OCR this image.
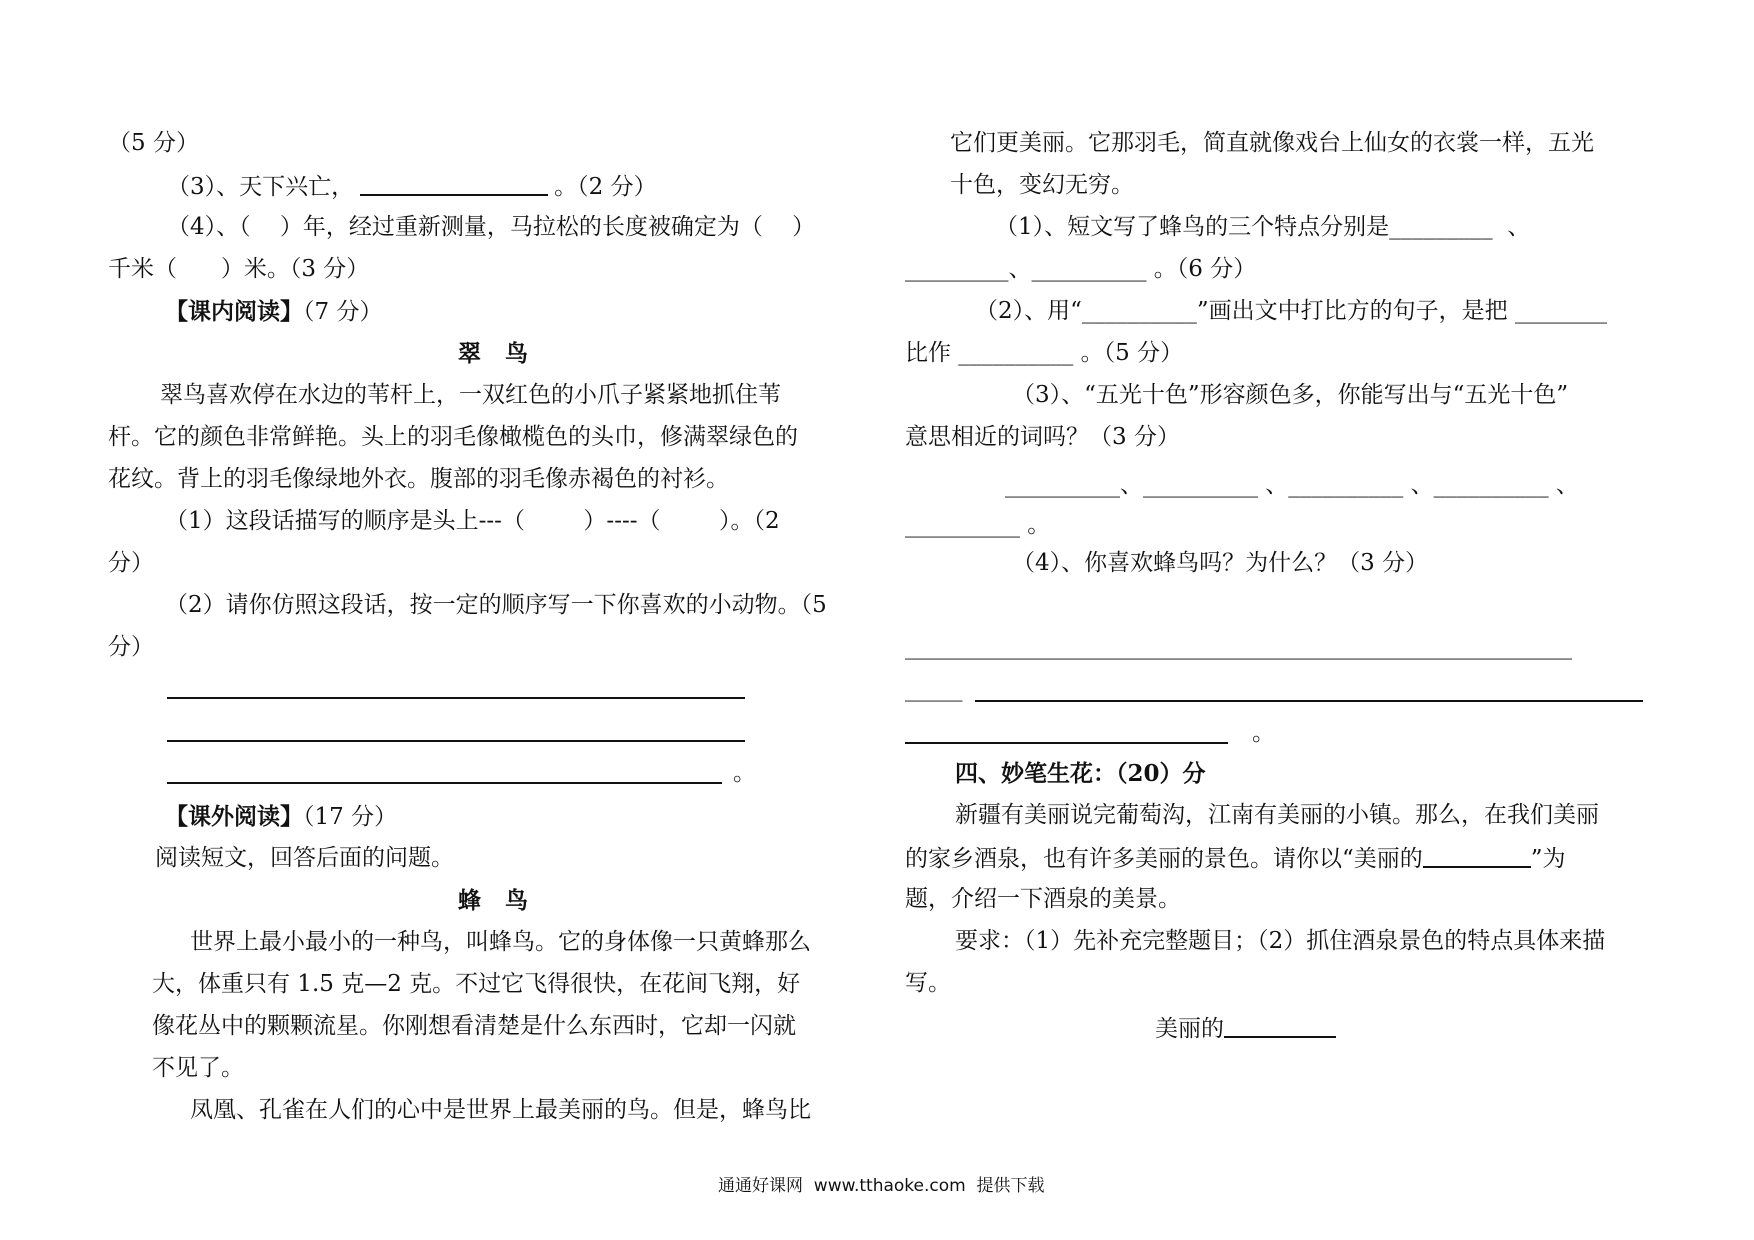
（5 分）
（3）、天下兴亡，	。（2 分）
（4）、（    ）年，经过重新测量，马拉松的长度被确定为（    ）
千米（      ）米。（3 分）
【课内阅读】（7 分）
翠   鸟
翠鸟喜欢停在水边的苇杆上，一双红色的小爪子紧紧地抓住苇
杆。它的颜色非常鲜艳。头上的羽毛像橄榄色的头巾，修满翠绿色的
花纹。背上的羽毛像绿地外衣。腹部的羽毛像赤褐色的衬衫。
（1）这段话描写的顺序是头上---（        ）----（        ）。（2
分）
（2）请你仿照这段话，按一定的顺序写一下你喜欢的小动物。（5
分）
。
【课外阅读】（17 分）
阅读短文，回答后面的问题。
蜂   鸟
世界上最小最小的一种鸟，叫蜂鸟。它的身体像一只黄蜂那么
大，体重只有 1.5 克—2 克。不过它飞得很快，在花间飞翔，好
像花丛中的颗颗流星。你刚想看清楚是什么东西时，它却一闪就
不见了。
凤凰、孔雀在人们的心中是世界上最美丽的鸟。但是，蜂鸟比
它们更美丽。它那羽毛，简直就像戏台上仙女的衣裳一样，五光
十色，变幻无穷。
（1）、短文写了蜂鸟的三个特点分别是_________  、
_________、__________ 。（6 分）
（2）、用“__________”画出文中打比方的句子，是把 ________
比作 __________ 。（5 分）
（3）、“五光十色”形容颜色多，你能写出与“五光十色”
意思相近的词吗？（3 分）
__________、__________ 、__________ 、__________ 、
__________ 。
（4）、你喜欢蜂鸟吗？为什么？（3 分）
__________________________________________________________
_____
。
四、妙笔生花：（20）分
新疆有美丽说完葡萄沟，江南有美丽的小镇。那么，在我们美丽
的家乡酒泉，也有许多美丽的景色。请你以“美丽的	”为
题，介绍一下酒泉的美景。
要求：（1）先补充完整题目；（2）抓住酒泉景色的特点具体来描
写。
美丽的
通通好课网  www.tthaoke.com  提供下载
